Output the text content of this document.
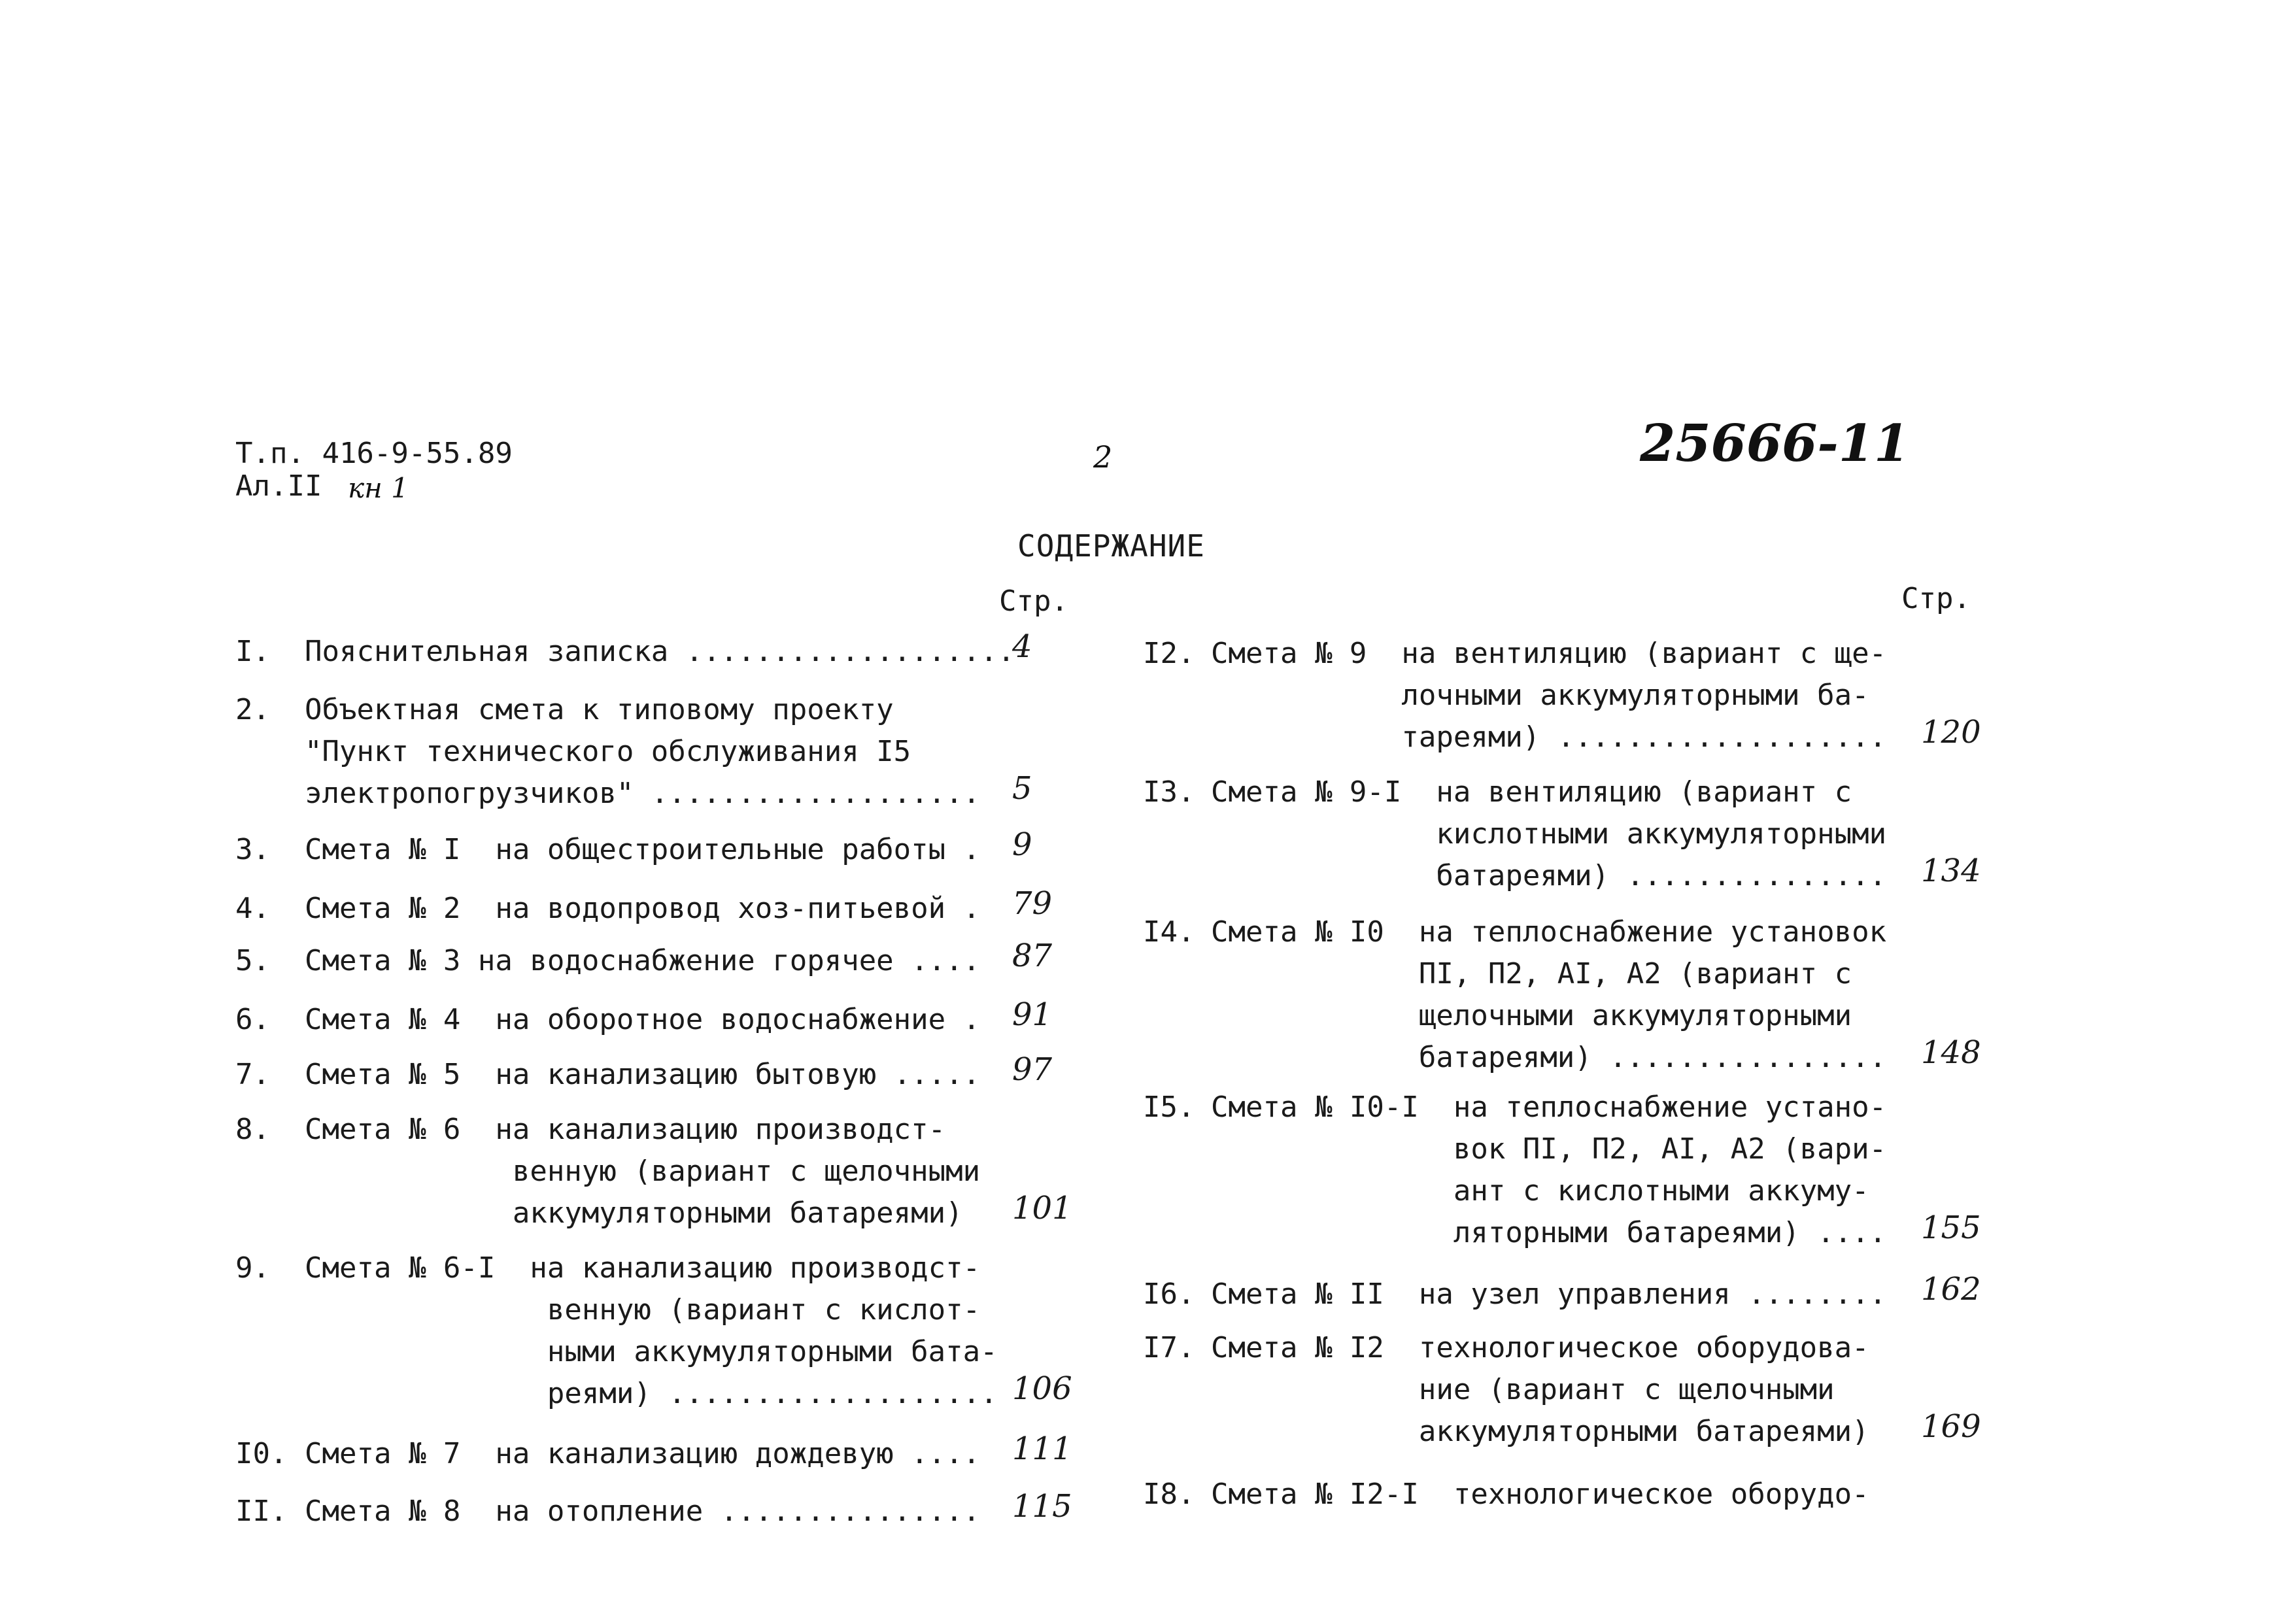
Т.п. 416-9-55.89
Ал.II кн 1
2	25666-11
СОДЕРЖАНИЕ
Стр.	Стр.
I. Пояснительная записка ...................
4
2. Объектная смета к типовому проекту
"Пункт технического обслуживания I5
электропогрузчиков" ................... 5
3. Смета № I  на общестроительные работы . 9
4. Смета № 2  на водопровод хоз-питьевой . 79
5. Смета № 3 на водоснабжение горячее .... 87
6. Смета № 4  на оборотное водоснабжение . 91
7. Смета № 5  на канализацию бытовую ..... 97
8. Смета № 6  на канализацию производст-
венную (вариант с щелочными
аккумуляторными батареями) 101
9. Смета № 6-I  на канализацию производст-
венную (вариант с кислот-
ными аккумуляторными бата-
реями) ................... 106
I0. Смета № 7  на канализацию дождевую .... 111
II. Смета № 8  на отопление ............... 115
I2. Смета № 9  на вентиляцию (вариант с ще-
лочными аккумуляторными ба-
тареями) ................... 120
I3. Смета № 9-I  на вентиляцию (вариант с
кислотными аккумуляторными
батареями) ............... 134
I4. Смета № I0  на теплоснабжение установок
ПI, П2, АI, А2 (вариант с
щелочными аккумуляторными
батареями) ................ 148
I5. Смета № I0-I  на теплоснабжение устано-
вок ПI, П2, АI, А2 (вари-
ант с кислотными аккуму-
ляторными батареями) .... 155
I6. Смета № II  на узел управления ........ 162
I7. Смета № I2  технологическое оборудова-
ние (вариант с щелочными
аккумуляторными батареями) 169
I8. Смета № I2-I  технологическое оборудо-
